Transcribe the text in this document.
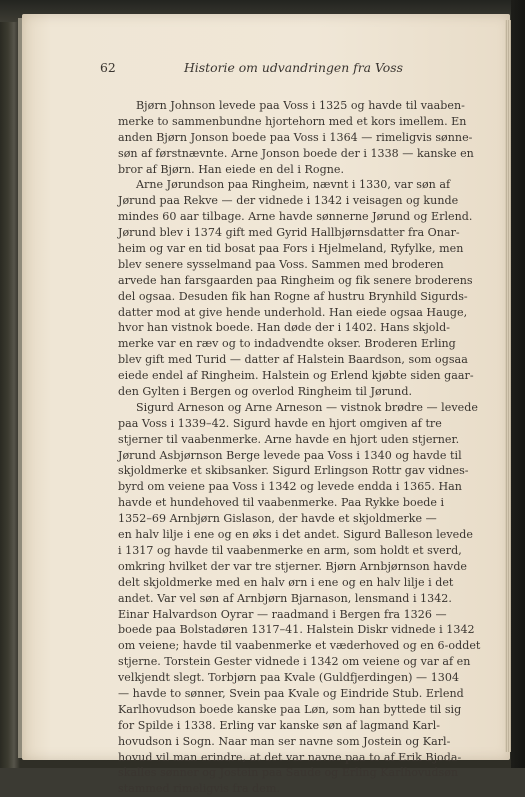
62	Historie om udvandringen fra Voss
Bjørn Johnson levede paa Voss i 1325 og havde til vaaben-
merke to sammenbundne hjortehorn med et kors imellem. En
anden Bjørn Jonson boede paa Voss i 1364 — rimeligvis sønne-
søn af førstnævnte. Arne Jonson boede der i 1338 — kanske en
bror af Bjørn. Han eiede en del i Rogne.
Arne Jørundson paa Ringheim, nævnt i 1330, var søn af
Jørund paa Rekve — der vidnede i 1342 i veisagen og kunde
mindes 60 aar tilbage. Arne havde sønnerne Jørund og Erlend.
Jørund blev i 1374 gift med Gyrid Hallbjørnsdatter fra Onar-
heim og var en tid bosat paa Fors i Hjelmeland, Ryfylke, men
blev senere sysselmand paa Voss. Sammen med broderen
arvede han farsgaarden paa Ringheim og fik senere broderens
del ogsaa. Desuden fik han Rogne af hustru Brynhild Sigurds-
datter mod at give hende underhold. Han eiede ogsaa Hauge,
hvor han vistnok boede. Han døde der i 1402. Hans skjold-
merke var en ræv og to indadvendte okser. Broderen Erling
blev gift med Turid — datter af Halstein Baardson, som ogsaa
eiede endel af Ringheim. Halstein og Erlend kjøbte siden gaar-
den Gylten i Bergen og overlod Ringheim til Jørund.
Sigurd Arneson og Arne Arneson — vistnok brødre — levede
paa Voss i 1339–42. Sigurd havde en hjort omgiven af tre
stjerner til vaabenmerke. Arne havde en hjort uden stjerner.
Jørund Asbjørnson Berge levede paa Voss i 1340 og havde til
skjoldmerke et skibsanker. Sigurd Erlingson Rottr gav vidnes-
byrd om veiene paa Voss i 1342 og levede endda i 1365. Han
havde et hundehoved til vaabenmerke. Paa Rykke boede i
1352–69 Arnbjørn Gislason, der havde et skjoldmerke —
en halv lilje i ene og en øks i det andet. Sigurd Balleson levede
i 1317 og havde til vaabenmerke en arm, som holdt et sverd,
omkring hvilket der var tre stjerner. Bjørn Arnbjørnson havde
delt skjoldmerke med en halv ørn i ene og en halv lilje i det
andet. Var vel søn af Arnbjørn Bjarnason, lensmand i 1342.
Einar Halvardson Oyrar — raadmand i Bergen fra 1326 —
boede paa Bolstadøren 1317–41. Halstein Diskr vidnede i 1342
om veiene; havde til vaabenmerke et væderhoved og en 6-oddet
stjerne. Torstein Gester vidnede i 1342 om veiene og var af en
velkjendt slegt. Torbjørn paa Kvale (Guldfjerdingen) — 1304
— havde to sønner, Svein paa Kvale og Eindride Stub. Erlend
Karlhovudson boede kanske paa Løn, som han byttede til sig
for Spilde i 1338. Erling var kanske søn af lagmand Karl-
hovudson i Sogn. Naar man ser navne som Jostein og Karl-
hovud vil man erindre, at det var navne paa to af Erik Bjoda-
skalles sønner og Jostein paa Saude og Erling Karlhovudsøn
stammed rimeligvis fra dem.
